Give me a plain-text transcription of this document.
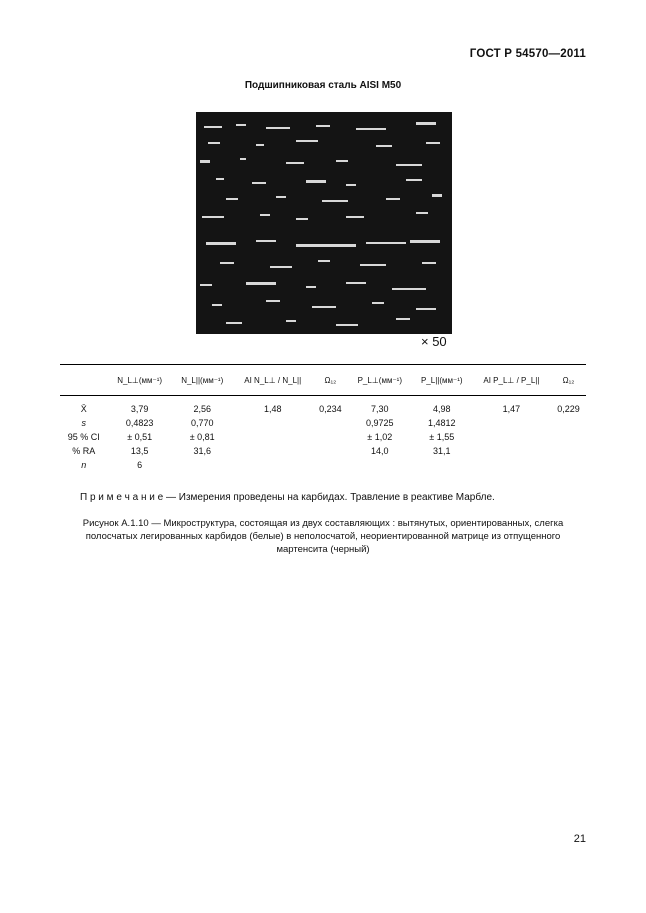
ГОСТ Р 54570—2011
Подшипниковая сталь AISI M50
× 50
	N_L⊥(мм⁻¹)	N_L||(мм⁻¹)	AI N_L⊥ / N_L||	Ω₁₂	P_L⊥(мм⁻¹)	P_L||(мм⁻¹)	AI P_L⊥ / P_L||	Ω₁₂
X̄	3,79	2,56	1,48	0,234	7,30	4,98	1,47	0,229
s	0,4823	0,770			0,9725	1,4812		
95 % CI	± 0,51	± 0,81			± 1,02	± 1,55		
% RA	13,5	31,6			14,0	31,1		
n	6							
П р и м е ч а н и е — Измерения проведены на карбидах. Травление в реактиве Марбле.
Рисунок А.1.10 — Микроструктура, состоящая из двух составляющих : вытянутых, ориентированных, слегка полосчатых легированных карбидов (белые) в неполосчатой, неориентированной матрице из отпущенного мартенсита (черный)
21
